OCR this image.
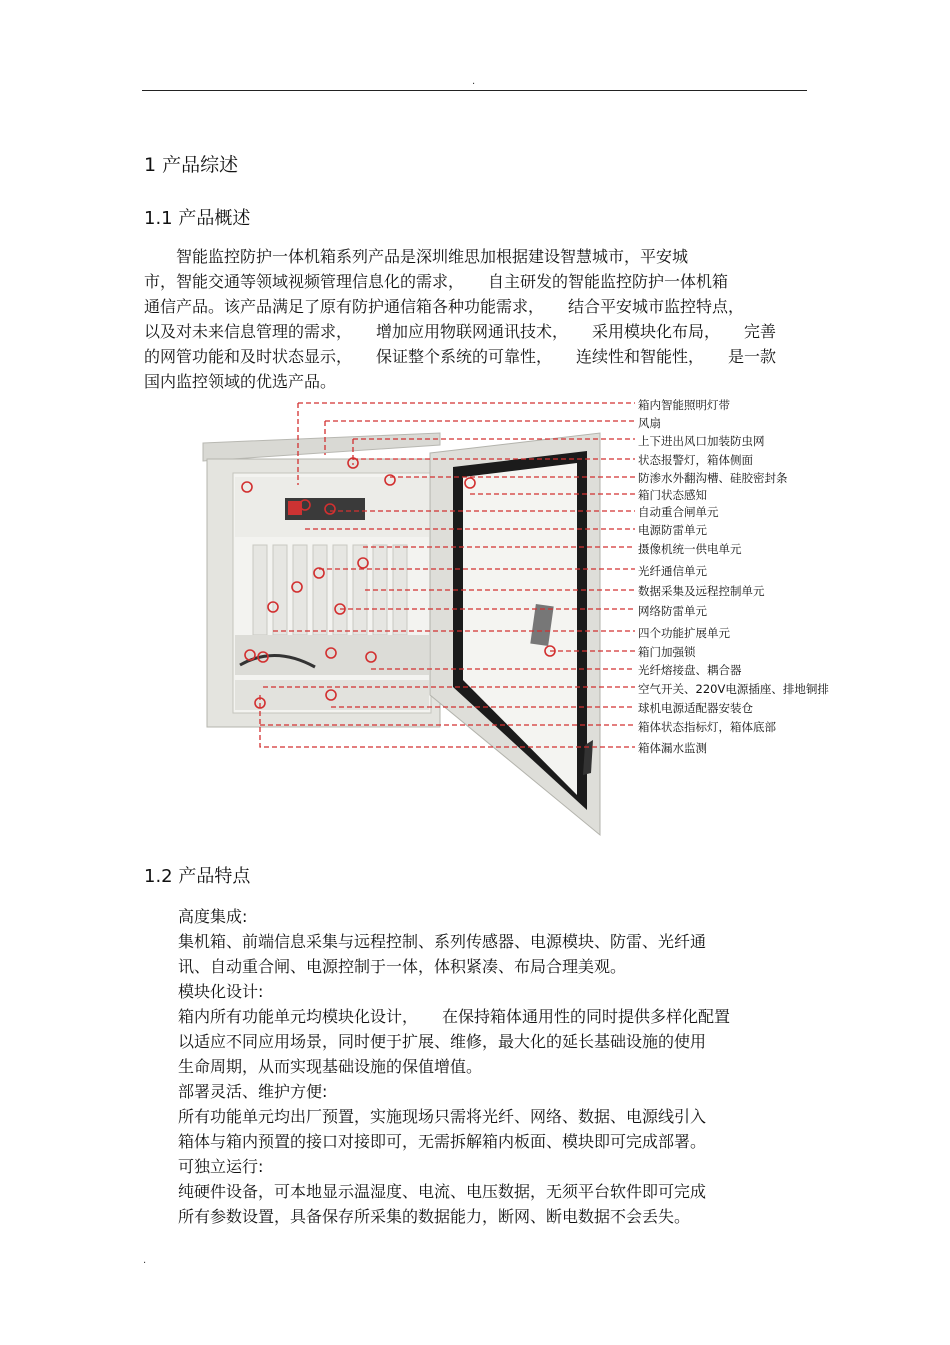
.
1 产品综述
1.1 产品概述
　　智能监控防护一体机箱系列产品是深圳维思加根据建设智慧城市，平安城
市，智能交通等领域视频管理信息化的需求，　　自主研发的智能监控防护一体机箱
通信产品。该产品满足了原有防护通信箱各种功能需求，　　结合平安城市监控特点，
以及对未来信息管理的需求，　　增加应用物联网通讯技术，　　采用模块化布局，　　完善
的网管功能和及时状态显示，　　保证整个系统的可靠性，　　连续性和智能性，　　是一款
国内监控领域的优选产品。
箱内智能照明灯带
风扇
上下进出风口加装防虫网
状态报警灯，箱体侧面
防渗水外翻沟槽、硅胶密封条
箱门状态感知
自动重合闸单元
电源防雷单元
摄像机统一供电单元
光纤通信单元
数据采集及远程控制单元
网络防雷单元
四个功能扩展单元
箱门加强锁
光纤熔接盘、耦合器
空气开关、220V电源插座、排地铜排
球机电源适配器安装仓
箱体状态指标灯，箱体底部
箱体漏水监测
1.2 产品特点
高度集成:
集机箱、前端信息采集与远程控制、系列传感器、电源模块、防雷、光纤通
讯、自动重合闸、电源控制于一体，体积紧凑、布局合理美观。
模块化设计:
箱内所有功能单元均模块化设计，　　在保持箱体通用性的同时提供多样化配置
以适应不同应用场景，同时便于扩展、维修，最大化的延长基础设施的使用
生命周期，从而实现基础设施的保值增值。
部署灵活、维护方便:
所有功能单元均出厂预置，实施现场只需将光纤、网络、数据、电源线引入
箱体与箱内预置的接口对接即可，无需拆解箱内板面、模块即可完成部署。
可独立运行:
纯硬件设备，可本地显示温湿度、电流、电压数据，无须平台软件即可完成
所有参数设置，具备保存所采集的数据能力，断网、断电数据不会丢失。
.
